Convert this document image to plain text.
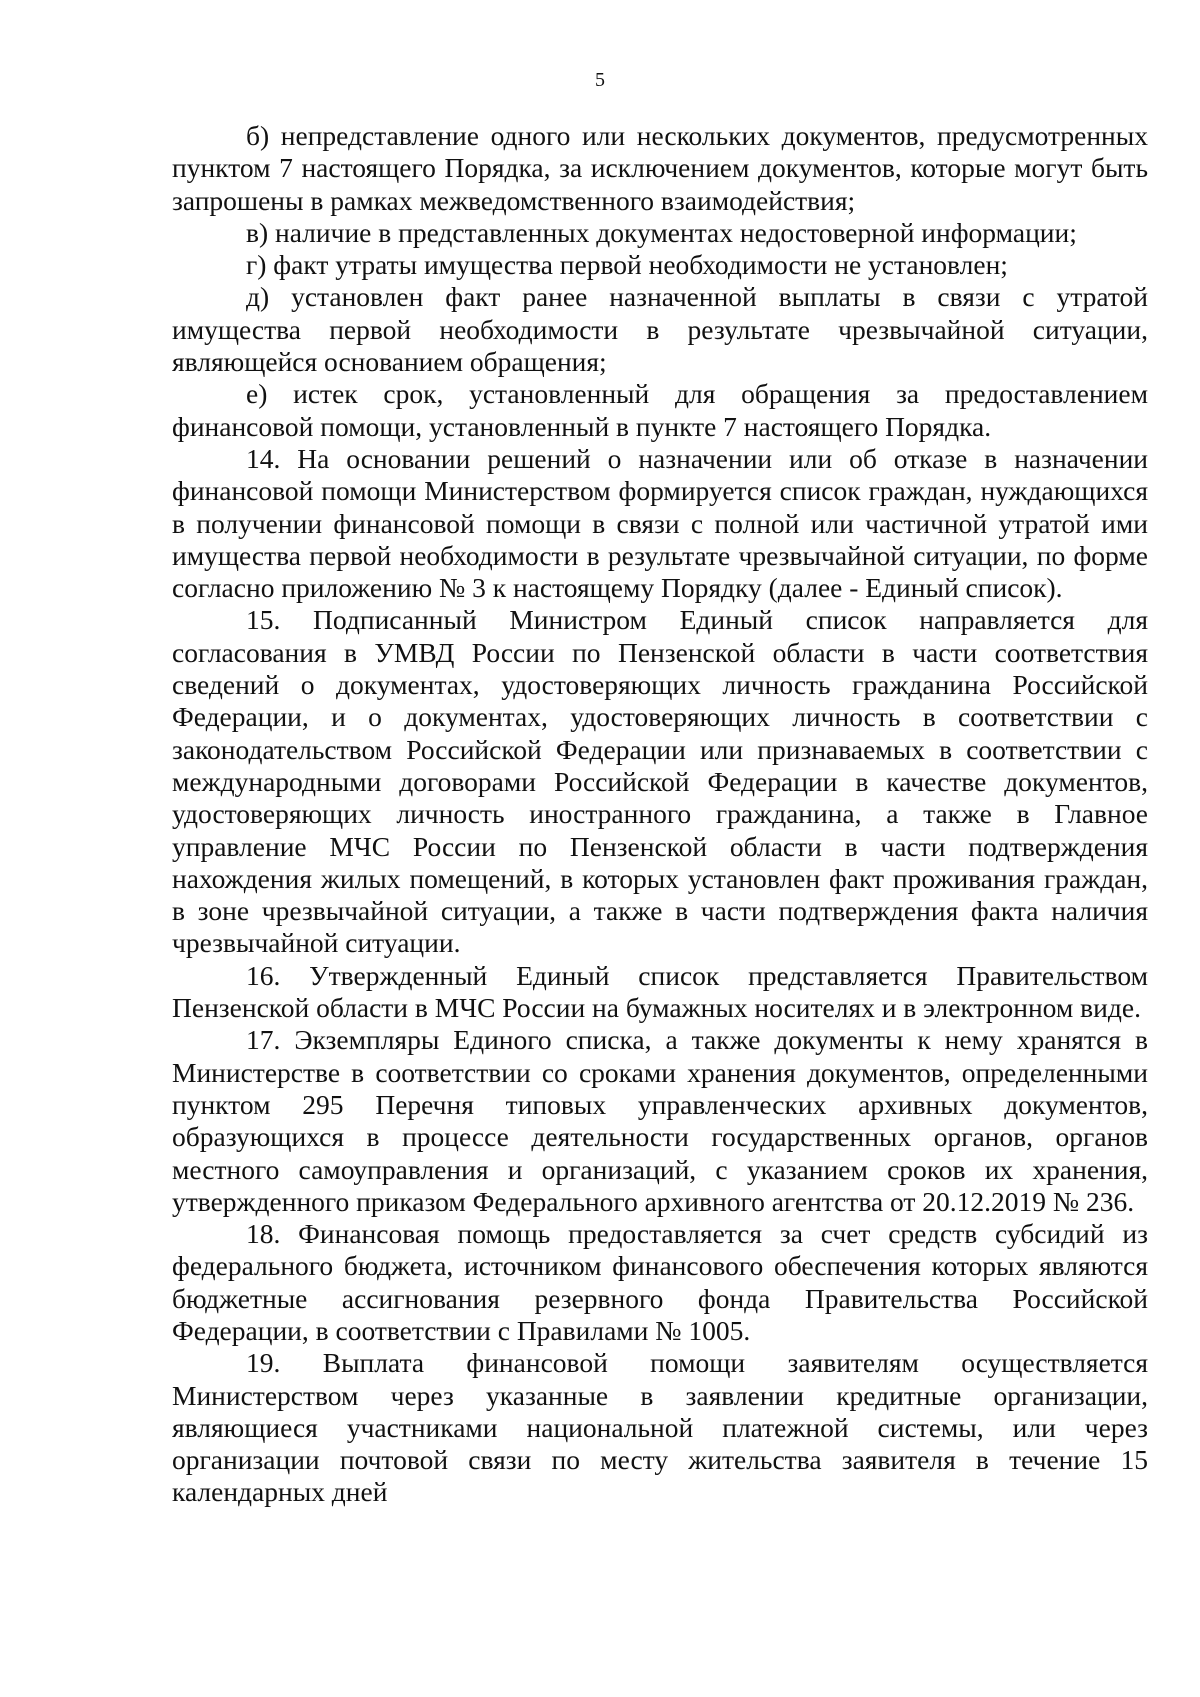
5

б) непредставление одного или нескольких документов, предусмотренных пунктом 7 настоящего Порядка, за исключением документов, которые могут быть запрошены в рамках межведомственного взаимодействия;

в) наличие в представленных документах недостоверной информации;

г) факт утраты имущества первой необходимости не установлен;

д) установлен факт ранее назначенной выплаты в связи с утратой имущества первой необходимости в результате чрезвычайной ситуации, являющейся основанием обращения;

е) истек срок, установленный для обращения за предоставлением финансовой помощи, установленный в пункте 7 настоящего Порядка.

14. На основании решений о назначении или об отказе в назначении финансовой помощи Министерством формируется список граждан, нуждающихся в получении финансовой помощи в связи с полной или частичной утратой ими имущества первой необходимости в результате чрезвычайной ситуации, по форме согласно приложению № 3 к настоящему Порядку (далее - Единый список).

15. Подписанный Министром Единый список направляется для согласования в УМВД России по Пензенской области в части соответствия сведений о документах, удостоверяющих личность гражданина Российской Федерации, и о документах, удостоверяющих личность в соответствии с законодательством Российской Федерации или признаваемых в соответствии с международными договорами Российской Федерации в качестве документов, удостоверяющих личность иностранного гражданина, а также в Главное управление МЧС России по Пензенской области в части подтверждения нахождения жилых помещений, в которых установлен факт проживания граждан, в зоне чрезвычайной ситуации, а также в части подтверждения факта наличия чрезвычайной ситуации.

16. Утвержденный Единый список представляется Правительством Пензенской области в МЧС России на бумажных носителях и в электронном виде.

17. Экземпляры Единого списка, а также документы к нему хранятся в Министерстве в соответствии со сроками хранения документов, определенными пунктом 295 Перечня типовых управленческих архивных документов, образующихся в процессе деятельности государственных органов, органов местного самоуправления и организаций, с указанием сроков их хранения, утвержденного приказом Федерального архивного агентства от 20.12.2019 № 236.

18. Финансовая помощь предоставляется за счет средств субсидий из федерального бюджета, источником финансового обеспечения которых являются бюджетные ассигнования резервного фонда Правительства Российской Федерации, в соответствии с Правилами № 1005.

19. Выплата финансовой помощи заявителям осуществляется Министерством через указанные в заявлении кредитные организации, являющиеся участниками национальной платежной системы, или через организации почтовой связи по месту жительства заявителя в течение 15 календарных дней
